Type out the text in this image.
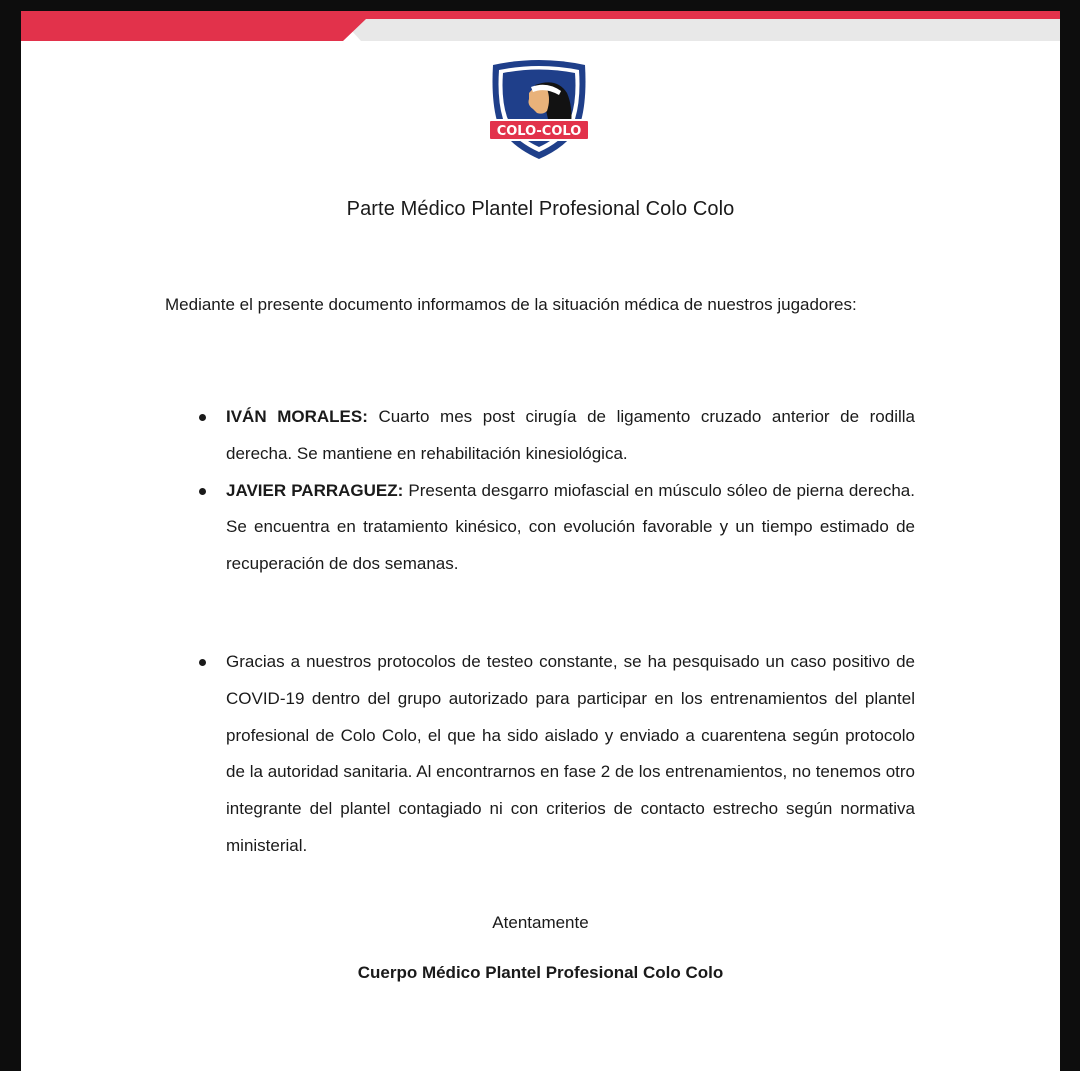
COLO-COLO
Parte Médico Plantel Profesional Colo Colo
Mediante el presente documento informamos de la situación médica de nuestros jugadores:
IVÁN MORALES: Cuarto mes post cirugía de ligamento cruzado anterior de rodilla derecha. Se mantiene en rehabilitación kinesiológica.
JAVIER PARRAGUEZ: Presenta desgarro miofascial en músculo sóleo de pierna derecha. Se encuentra en tratamiento kinésico, con evolución favorable y un tiempo estimado de recuperación de dos semanas.
Gracias a nuestros protocolos de testeo constante, se ha pesquisado un caso positivo de COVID-19 dentro del grupo autorizado para participar en los entrenamientos del plantel profesional de Colo Colo, el que ha sido aislado y enviado a cuarentena según protocolo de la autoridad sanitaria. Al encontrarnos en fase 2 de los entrenamientos, no tenemos otro integrante del plantel contagiado ni con criterios de contacto estrecho según normativa ministerial.
Atentamente
Cuerpo Médico Plantel Profesional Colo Colo
